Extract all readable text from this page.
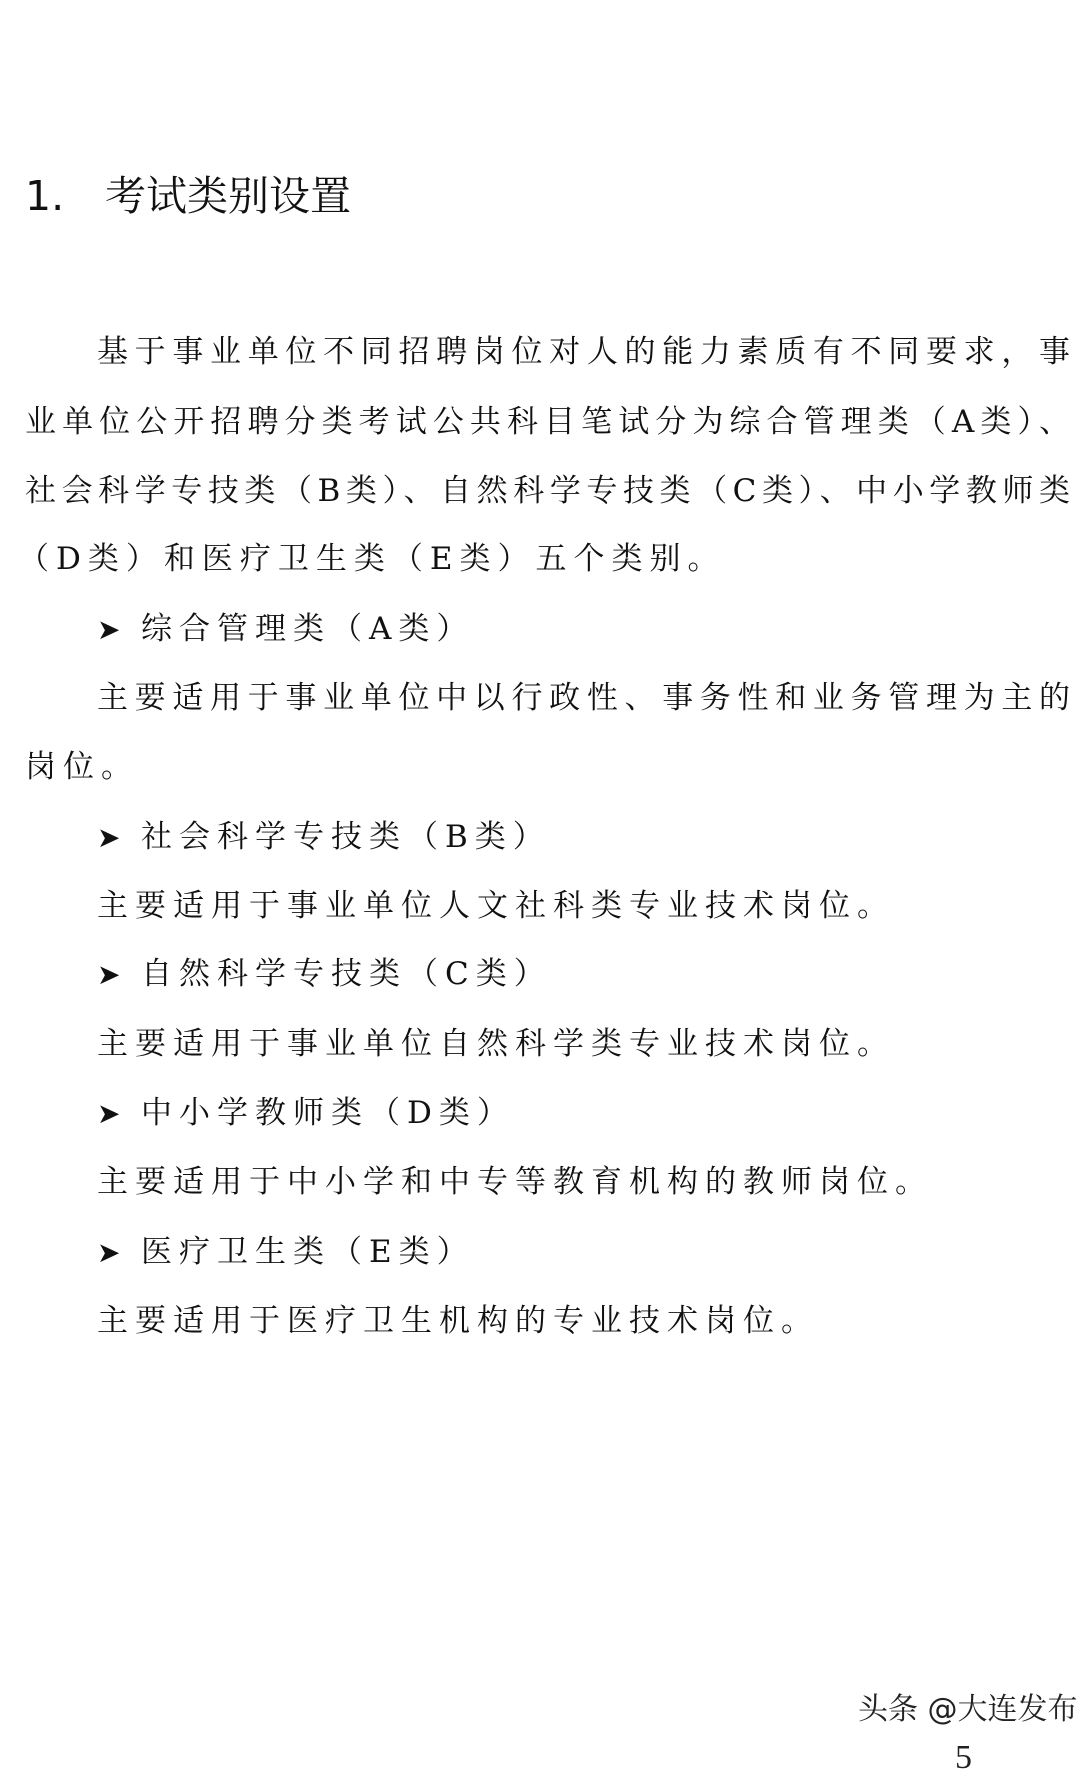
1. 考试类别设置
基于事业单位不同招聘岗位对人的能力素质有不同要求，事
业单位公开招聘分类考试公共科目笔试分为综合管理类（A类）、
社会科学专技类（B类）、自然科学专技类（C类）、中小学教师类
（D类）和医疗卫生类（E类）五个类别。
➤ 综合管理类（A类）
主要适用于事业单位中以行政性、事务性和业务管理为主的
岗位。
➤ 社会科学专技类（B类）
主要适用于事业单位人文社科类专业技术岗位。
➤ 自然科学专技类（C类）
主要适用于事业单位自然科学类专业技术岗位。
➤ 中小学教师类（D类）
主要适用于中小学和中专等教育机构的教师岗位。
➤ 医疗卫生类（E类）
主要适用于医疗卫生机构的专业技术岗位。
头条 @大连发布
5
